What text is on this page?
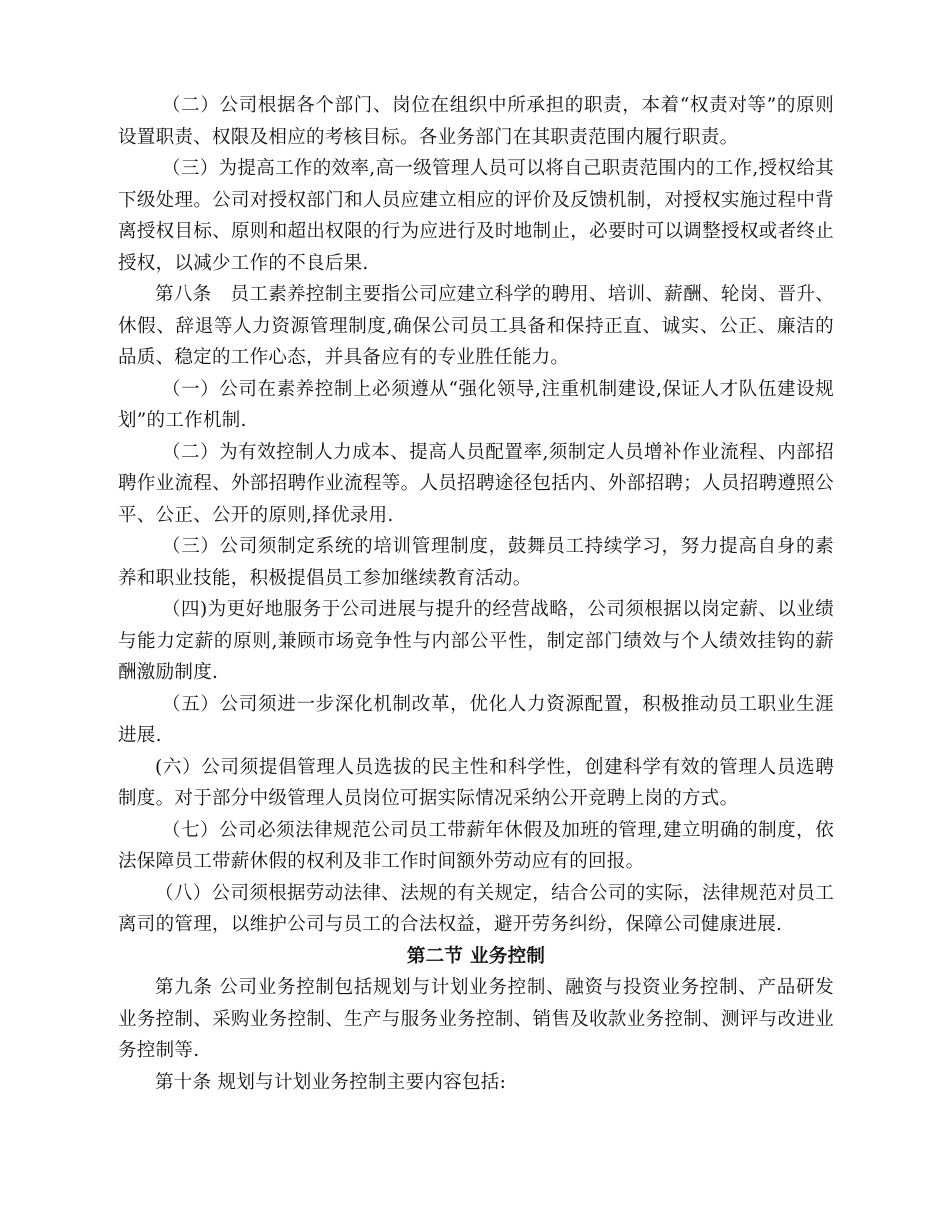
（二）公司根据各个部门、岗位在组织中所承担的职责，本着“权责对等”的原则设置职责、权限及相应的考核目标。各业务部门在其职责范围内履行职责。

（三）为提高工作的效率,高一级管理人员可以将自己职责范围内的工作,授权给其下级处理。公司对授权部门和人员应建立相应的评价及反馈机制，对授权实施过程中背离授权目标、原则和超出权限的行为应进行及时地制止，必要时可以调整授权或者终止授权，以减少工作的不良后果.

第八条　员工素养控制主要指公司应建立科学的聘用、培训、薪酬、轮岗、晋升、休假、辞退等人力资源管理制度,确保公司员工具备和保持正直、诚实、公正、廉洁的品质、稳定的工作心态，并具备应有的专业胜任能力。

（一）公司在素养控制上必须遵从“强化领导,注重机制建设,保证人才队伍建设规划”的工作机制.

（二）为有效控制人力成本、提高人员配置率,须制定人员增补作业流程、内部招聘作业流程、外部招聘作业流程等。人员招聘途径包括内、外部招聘；人员招聘遵照公平、公正、公开的原则,择优录用.

（三）公司须制定系统的培训管理制度，鼓舞员工持续学习，努力提高自身的素养和职业技能，积极提倡员工参加继续教育活动。

（四)为更好地服务于公司进展与提升的经营战略，公司须根据以岗定薪、以业绩与能力定薪的原则,兼顾市场竞争性与内部公平性，制定部门绩效与个人绩效挂钩的薪酬激励制度.

（五）公司须进一步深化机制改革，优化人力资源配置，积极推动员工职业生涯进展.

(六）公司须提倡管理人员选拔的民主性和科学性，创建科学有效的管理人员选聘制度。对于部分中级管理人员岗位可据实际情况采纳公开竞聘上岗的方式。

（七）公司必须法律规范公司员工带薪年休假及加班的管理,建立明确的制度，依法保障员工带薪休假的权利及非工作时间额外劳动应有的回报。

（八）公司须根据劳动法律、法规的有关规定，结合公司的实际，法律规范对员工离司的管理，以维护公司与员工的合法权益，避开劳务纠纷，保障公司健康进展.

第二节 业务控制

第九条 公司业务控制包括规划与计划业务控制、融资与投资业务控制、产品研发业务控制、采购业务控制、生产与服务业务控制、销售及收款业务控制、测评与改进业务控制等.

第十条 规划与计划业务控制主要内容包括:
